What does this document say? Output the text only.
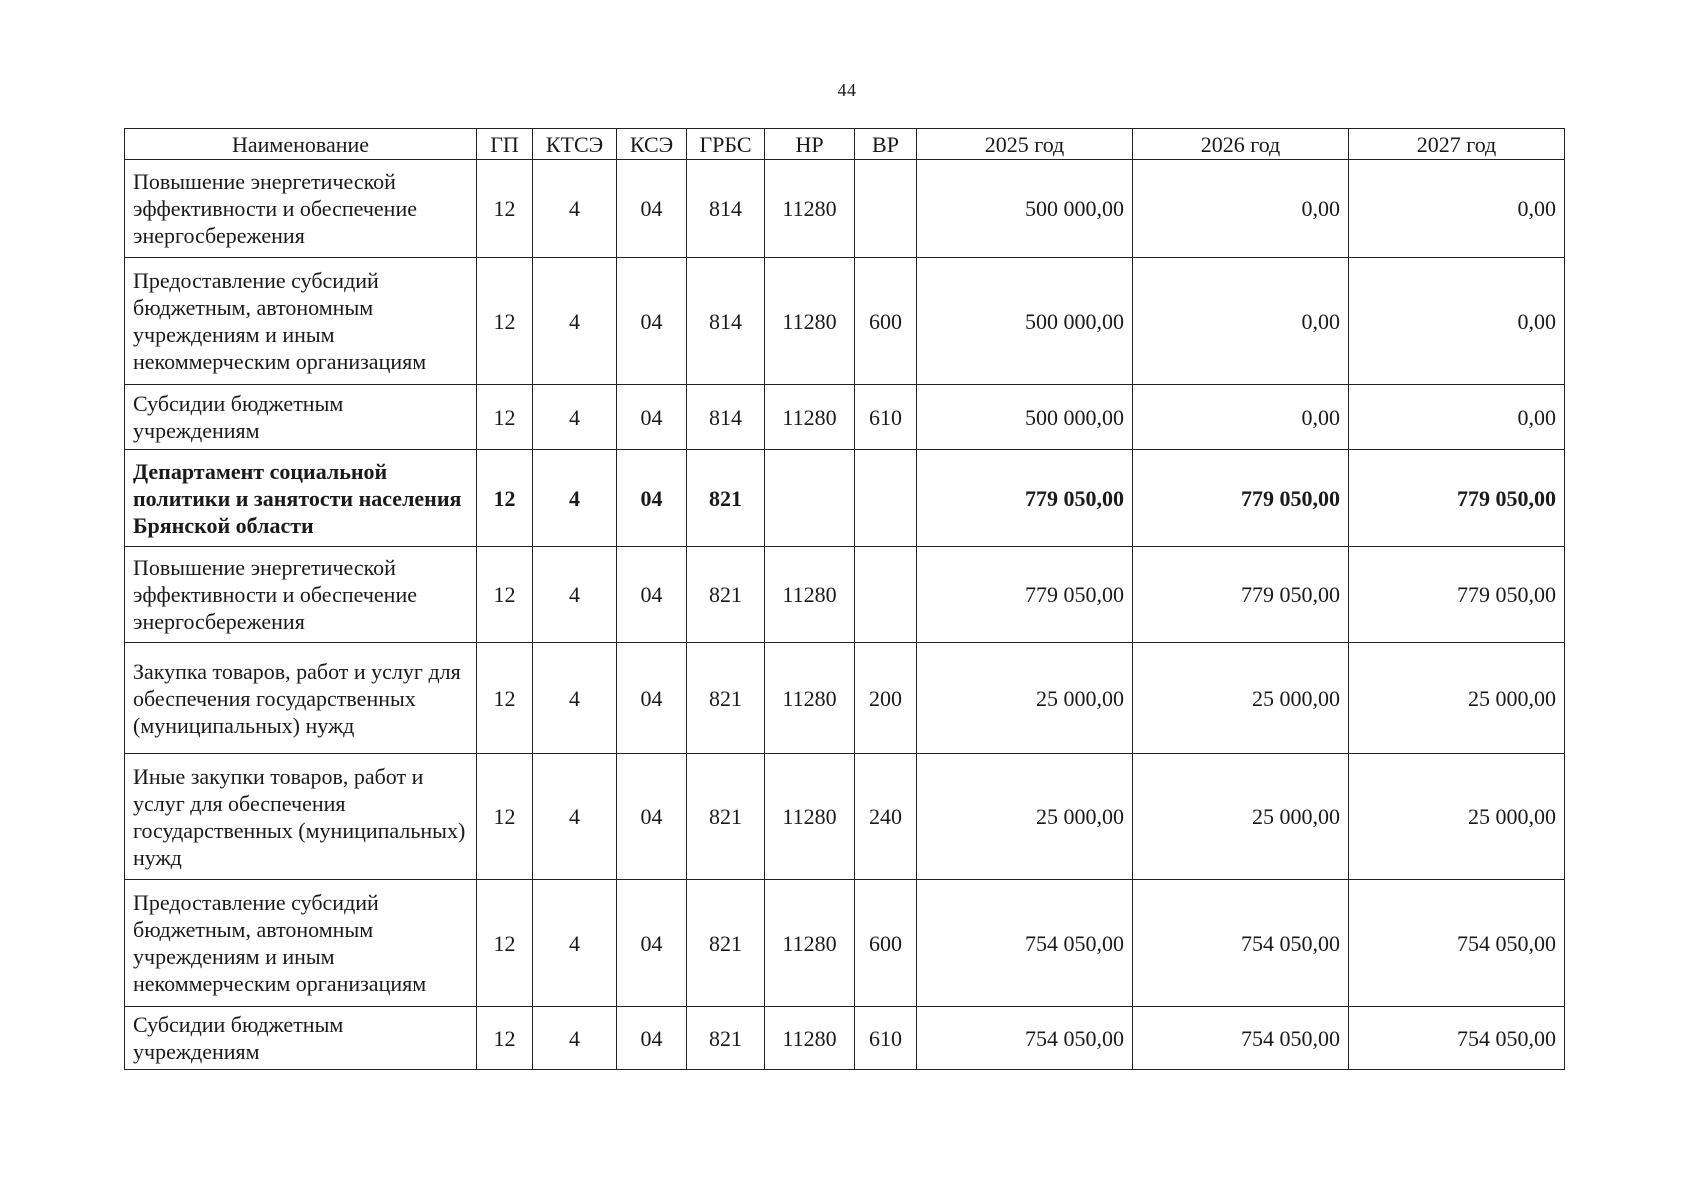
44
Наименование	ГП	КТСЭ	КСЭ	ГРБС	НР	ВР	2025 год	2026 год	2027 год
Повышение энергетической эффективности и обеспечение энергосбережения	12	4	04	814	11280		500 000,00	0,00	0,00
Предоставление субсидий бюджетным, автономным учреждениям и иным некоммерческим организациям	12	4	04	814	11280	600	500 000,00	0,00	0,00
Субсидии бюджетным учреждениям	12	4	04	814	11280	610	500 000,00	0,00	0,00
Департамент социальной политики и занятости населения Брянской области	12	4	04	821			779 050,00	779 050,00	779 050,00
Повышение энергетической эффективности и обеспечение энергосбережения	12	4	04	821	11280		779 050,00	779 050,00	779 050,00
Закупка товаров, работ и услуг для обеспечения государственных (муниципальных) нужд	12	4	04	821	11280	200	25 000,00	25 000,00	25 000,00
Иные закупки товаров, работ и услуг для обеспечения государственных (муниципальных) нужд	12	4	04	821	11280	240	25 000,00	25 000,00	25 000,00
Предоставление субсидий бюджетным, автономным учреждениям и иным некоммерческим организациям	12	4	04	821	11280	600	754 050,00	754 050,00	754 050,00
Субсидии бюджетным учреждениям	12	4	04	821	11280	610	754 050,00	754 050,00	754 050,00
